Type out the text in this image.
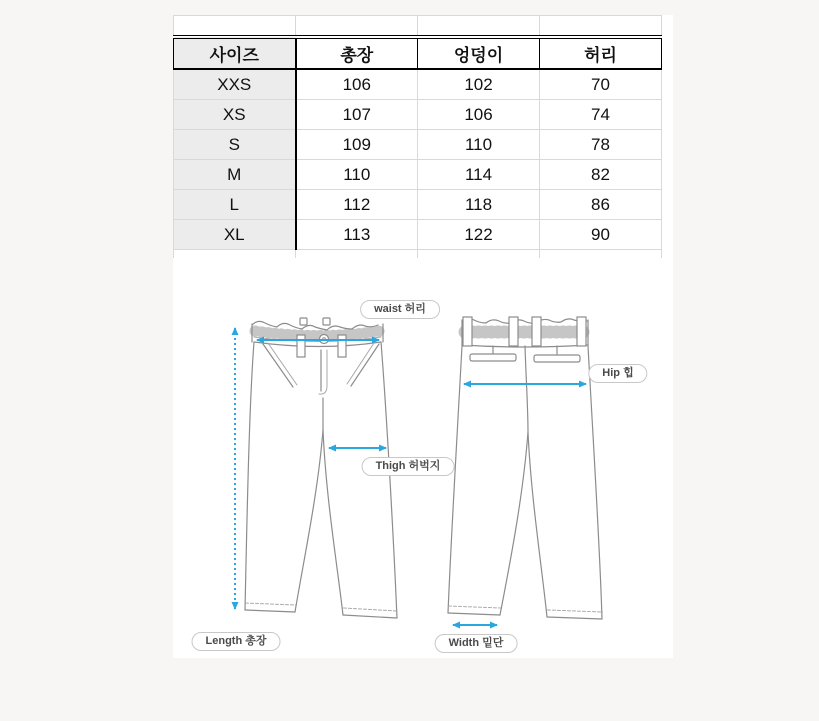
사이즈	총장	엉덩이	허리
XXS	106	102	70
XS	107	106	74
S	109	110	78
M	110	114	82
L	112	118	86
XL	113	122	90

waist 허리
Hip 힙
Thigh 허벅지
Length 총장	Width 밑단
